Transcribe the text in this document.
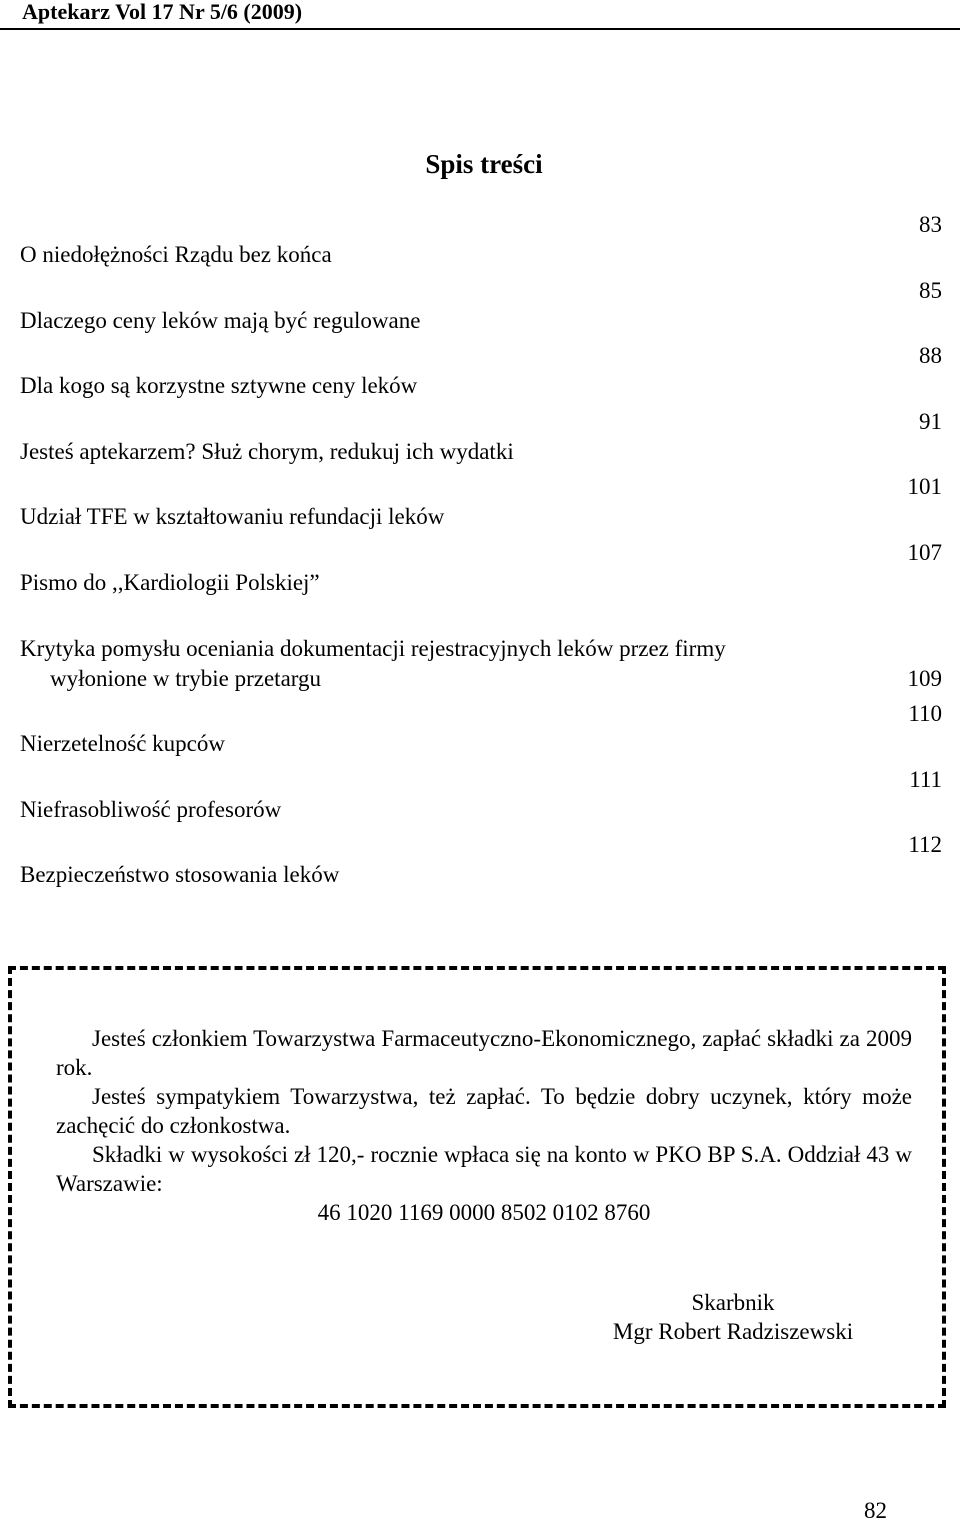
Aptekarz Vol 17 Nr 5/6 (2009)
Spis treści
O niedołężności Rządu bez końca
83
Dlaczego ceny leków mają być regulowane
85
Dla kogo są korzystne sztywne ceny leków
88
Jesteś aptekarzem? Służ chorym, redukuj ich wydatki
91
Udział TFE w kształtowaniu refundacji leków
101
Pismo do ,,Kardiologii Polskiej”
107
Krytyka pomysłu oceniania dokumentacji rejestracyjnych leków przez firmy
wyłonione w trybie przetargu	109
Nierzetelność kupców
110
Niefrasobliwość profesorów
111
Bezpieczeństwo stosowania leków
112

Jesteś członkiem Towarzystwa Farmaceutyczno-Ekonomicznego, zapłać składki za 2009 rok.

Jesteś sympatykiem Towarzystwa, też zapłać. To będzie dobry uczynek, który może zachęcić do członkostwa.

Składki w wysokości zł 120,- rocznie wpłaca się na konto w PKO BP S.A. Oddział 43 w Warszawie:

46 1020 1169 0000 8502 0102 8760

Skarbnik
Mgr Robert Radziszewski
82
